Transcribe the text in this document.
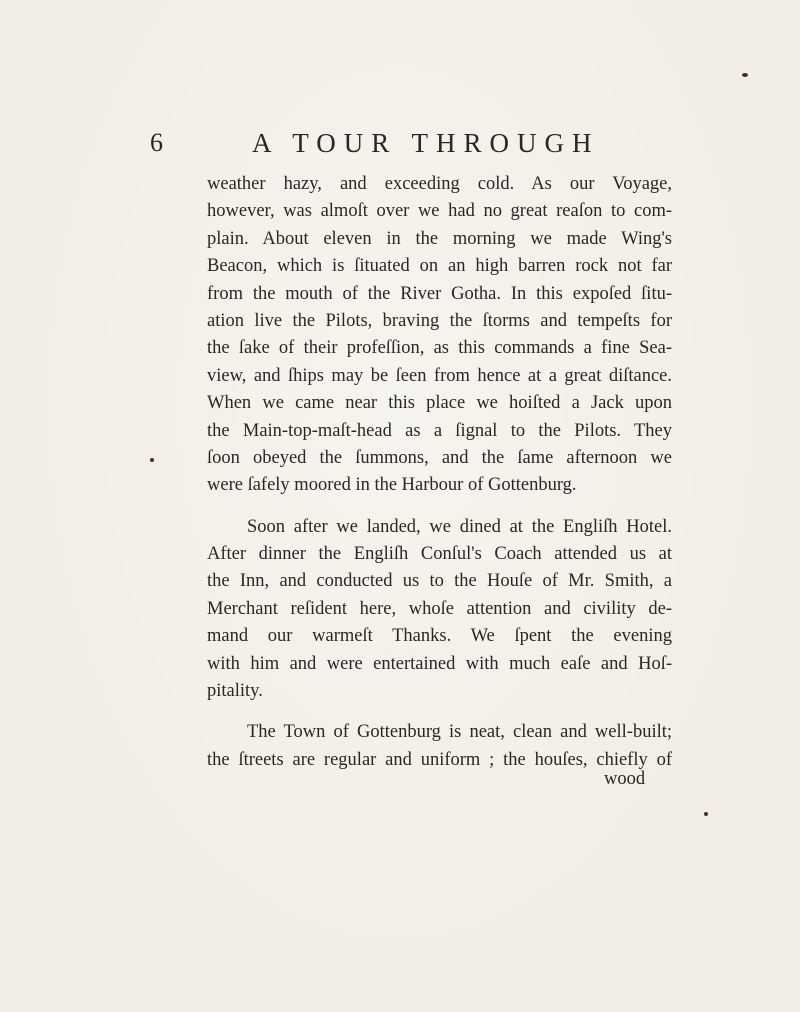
6	A TOUR THROUGH
weather hazy, and exceeding cold. As our Voyage,
however, was almoſt over we had no great reaſon to com-
plain. About eleven in the morning we made Wing's
Beacon, which is ſituated on an high barren rock not far
from the mouth of the River Gotha. In this expoſed ſitu-
ation live the Pilots, braving the ſtorms and tempeſts for
the ſake of their profeſſion, as this commands a fine Sea-
view, and ſhips may be ſeen from hence at a great diſtance.
When we came near this place we hoiſted a Jack upon
the Main-top-maſt-head as a ſignal to the Pilots. They
ſoon obeyed the ſummons, and the ſame afternoon we
were ſafely moored in the Harbour of Gottenburg.
Soon after we landed, we dined at the Engliſh Hotel.
After dinner the Engliſh Conſul's Coach attended us at
the Inn, and conducted us to the Houſe of Mr. Smith, a
Merchant reſident here, whoſe attention and civility de-
mand our warmeſt Thanks. We ſpent the evening
with him and were entertained with much eaſe and Hoſ-
pitality.
The Town of Gottenburg is neat, clean and well-built;
the ſtreets are regular and uniform ; the houſes, chiefly of
wood
